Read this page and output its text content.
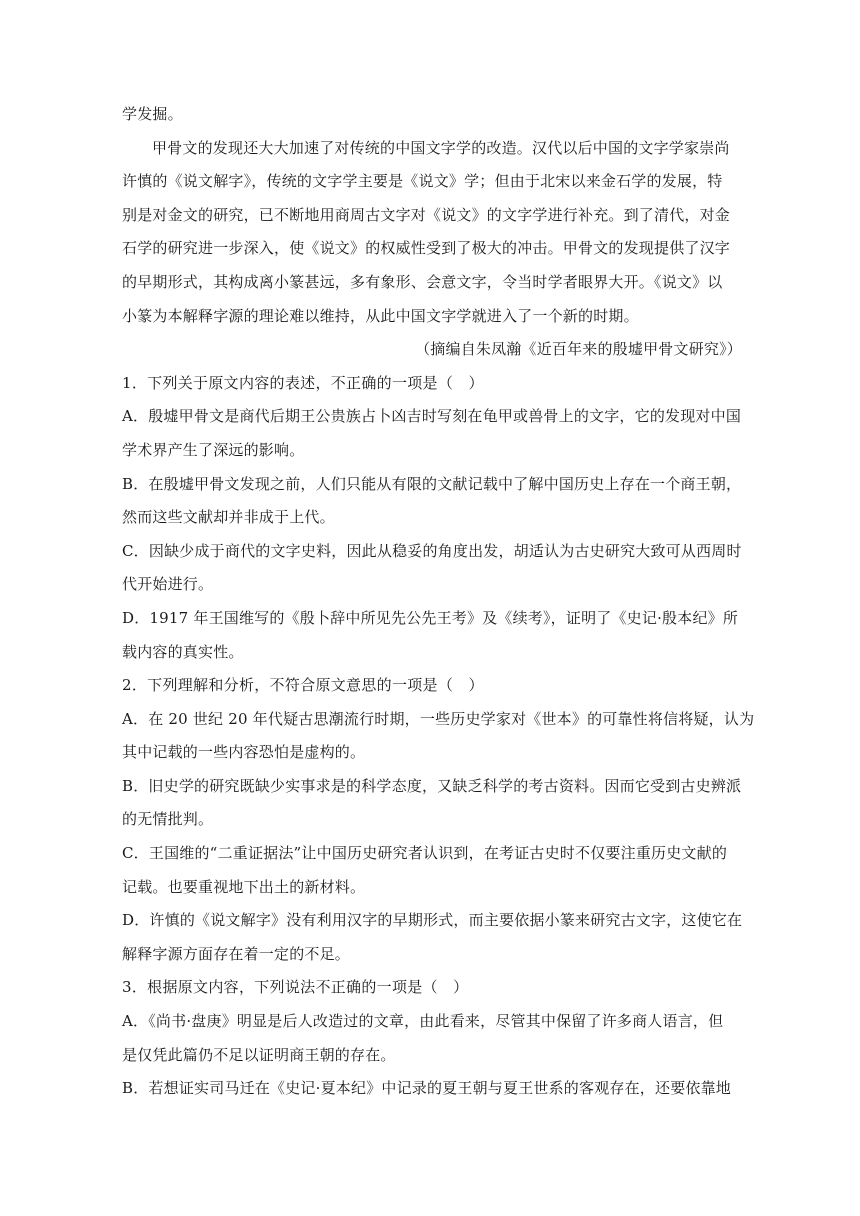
学发掘。

甲骨文的发现还大大加速了对传统的中国文字学的改造。汉代以后中国的文字学家崇尚

许慎的《说文解字》，传统的文字学主要是《说文》学；但由于北宋以来金石学的发展，特

别是对金文的研究，已不断地用商周古文字对《说文》的文字学进行补充。到了清代，对金

石学的研究进一步深入，使《说文》的权威性受到了极大的冲击。甲骨文的发现提供了汉字

的早期形式，其构成离小篆甚远，多有象形、会意文字，令当时学者眼界大开。《说文》以

小篆为本解释字源的理论难以维持，从此中国文字学就进入了一个新的时期。

（摘编自朱凤瀚《近百年来的殷墟甲骨文研究》）

1．下列关于原文内容的表述，不正确的一项是（　）

A．殷墟甲骨文是商代后期王公贵族占卜凶吉时写刻在龟甲或兽骨上的文字，它的发现对中国

学术界产生了深远的影响。

B．在殷墟甲骨文发现之前，人们只能从有限的文献记载中了解中国历史上存在一个商王朝，

然而这些文献却并非成于上代。

C．因缺少成于商代的文字史料，因此从稳妥的角度出发，胡适认为古史研究大致可从西周时

代开始进行。

D．1917 年王国维写的《殷卜辞中所见先公先王考》及《续考》，证明了《史记·殷本纪》所

载内容的真实性。

2．下列理解和分析，不符合原文意思的一项是（　）

A．在 20 世纪 20 年代疑古思潮流行时期，一些历史学家对《世本》的可靠性将信将疑，认为

其中记载的一些内容恐怕是虚构的。

B．旧史学的研究既缺少实事求是的科学态度，又缺乏科学的考古资料。因而它受到古史辨派

的无情批判。

C．王国维的“二重证据法”让中国历史研究者认识到，在考证古史时不仅要注重历史文献的

记载。也要重视地下出土的新材料。

D．许慎的《说文解字》没有利用汉字的早期形式，而主要依据小篆来研究古文字，这使它在

解释字源方面存在着一定的不足。

3．根据原文内容，下列说法不正确的一项是（　）

A．《尚书·盘庚》明显是后人改造过的文章，由此看来，尽管其中保留了许多商人语言，但

是仅凭此篇仍不足以证明商王朝的存在。

B．若想证实司马迁在《史记·夏本纪》中记录的夏王朝与夏王世系的客观存在，还要依靠地
